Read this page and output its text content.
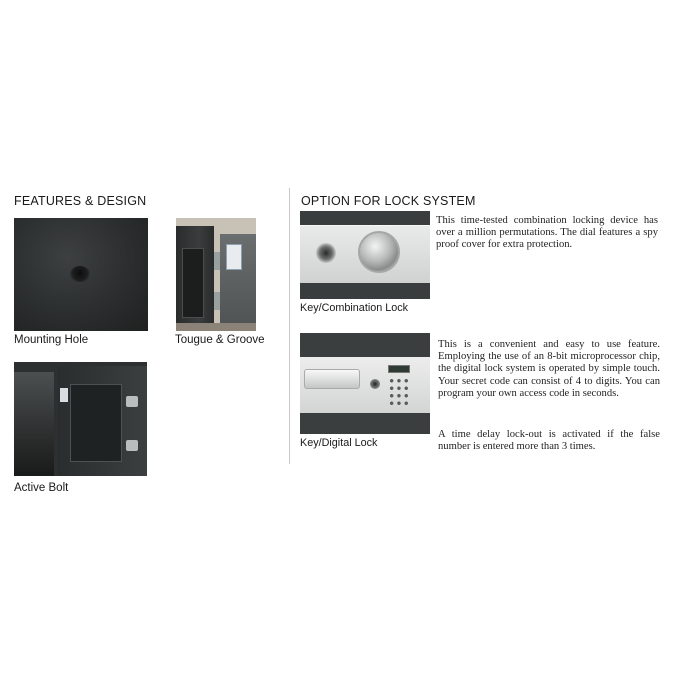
FEATURES & DESIGN	OPTION FOR LOCK SYSTEM
Mounting Hole	Tougue & Groove
Active Bolt
Key/Combination Lock
This time-tested combination locking device has over a million permutations. The dial features a spy proof cover for extra protection.
Key/Digital Lock
This is a convenient and easy to use feature. Employing the use of an 8-bit microprocessor chip, the digital lock system is operated by simple touch. Your secret code can consist of 4 to digits. You can program your own access code in seconds.
A time delay lock-out is activated if the false number is entered more than 3 times.
